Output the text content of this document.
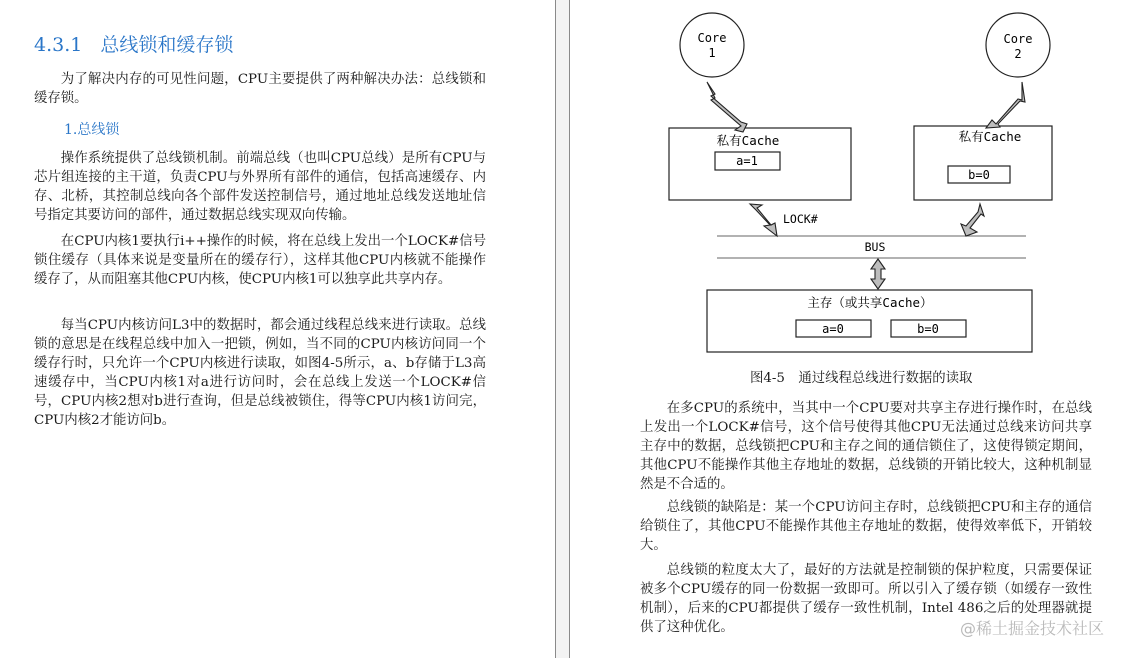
4.3.1 总线锁和缓存锁

为了解决内存的可见性问题，CPU主要提供了两种解决办法：总线锁和缓存锁。

1.总线锁

操作系统提供了总线锁机制。前端总线（也叫CPU总线）是所有CPU与芯片组连接的主干道，负责CPU与外界所有部件的通信，包括高速缓存、内存、北桥，其控制总线向各个部件发送控制信号，通过地址总线发送地址信号指定其要访问的部件，通过数据总线实现双向传输。

在CPU内核1要执行i++操作的时候，将在总线上发出一个LOCK#信号锁住缓存（具体来说是变量所在的缓存行），这样其他CPU内核就不能操作缓存了，从而阻塞其他CPU内核，使CPU内核1可以独享此共享内存。

每当CPU内核访问L3中的数据时，都会通过线程总线来进行读取。总线锁的意思是在线程总线中加入一把锁，例如，当不同的CPU内核访问同一个缓存行时，只允许一个CPU内核进行读取，如图4-5所示，a、b存储于L3高速缓存中，当CPU内核1对a进行访问时，会在总线上发送一个LOCK#信号，CPU内核2想对b进行查询，但是总线被锁住，得等CPU内核1访问完，CPU内核2才能访问b。

Core
1
Core
2
私有Cache
a=1
私有Cache
b=0
LOCK#
BUS
主存（或共享Cache）
a=0	b=0
图4-5　通过线程总线进行数据的读取

在多CPU的系统中，当其中一个CPU要对共享主存进行操作时，在总线上发出一个LOCK#信号，这个信号使得其他CPU无法通过总线来访问共享主存中的数据，总线锁把CPU和主存之间的通信锁住了，这使得锁定期间，其他CPU不能操作其他主存地址的数据，总线锁的开销比较大，这种机制显然是不合适的。

总线锁的缺陷是：某一个CPU访问主存时，总线锁把CPU和主存的通信给锁住了，其他CPU不能操作其他主存地址的数据，使得效率低下，开销较大。

总线锁的粒度太大了，最好的方法就是控制锁的保护粒度，只需要保证被多个CPU缓存的同一份数据一致即可。所以引入了缓存锁（如缓存一致性机制），后来的CPU都提供了缓存一致性机制，Intel 486之后的处理器就提供了这种优化。	@稀土掘金技术社区
